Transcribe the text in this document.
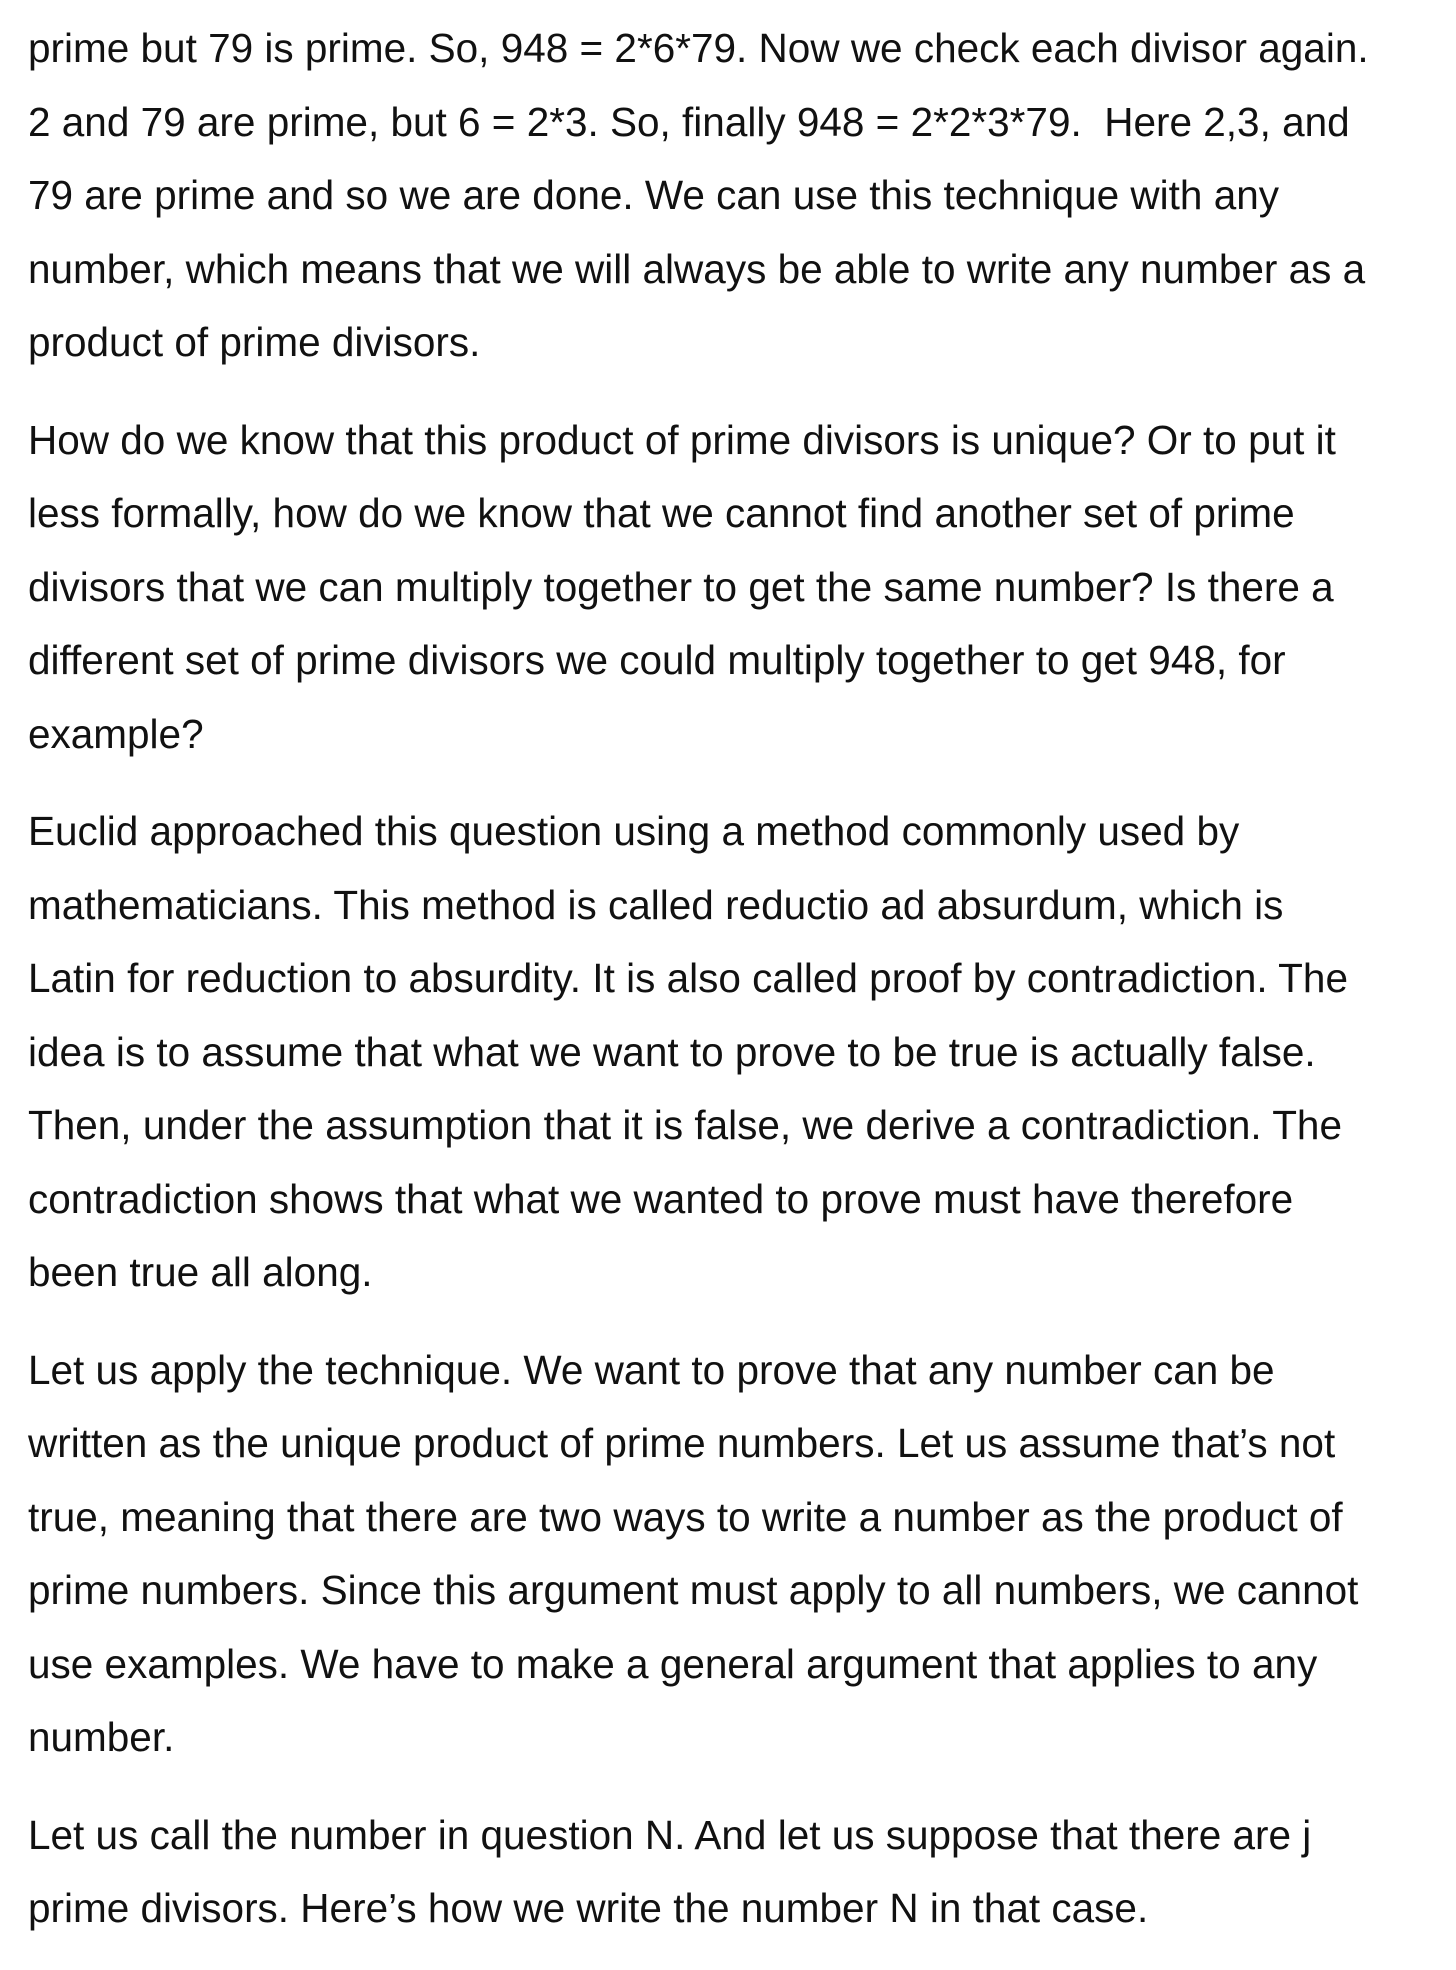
prime but 79 is prime. So, 948 = 2*6*79. Now we check each divisor again.
2 and 79 are prime, but 6 = 2*3. So, finally 948 = 2*2*3*79.  Here 2,3, and
79 are prime and so we are done. We can use this technique with any
number, which means that we will always be able to write any number as a
product of prime divisors.

How do we know that this product of prime divisors is unique? Or to put it
less formally, how do we know that we cannot find another set of prime
divisors that we can multiply together to get the same number? Is there a
different set of prime divisors we could multiply together to get 948, for
example?

Euclid approached this question using a method commonly used by
mathematicians. This method is called reductio ad absurdum, which is
Latin for reduction to absurdity. It is also called proof by contradiction. The
idea is to assume that what we want to prove to be true is actually false.
Then, under the assumption that it is false, we derive a contradiction. The
contradiction shows that what we wanted to prove must have therefore
been true all along.

Let us apply the technique. We want to prove that any number can be
written as the unique product of prime numbers. Let us assume that’s not
true, meaning that there are two ways to write a number as the product of
prime numbers. Since this argument must apply to all numbers, we cannot
use examples. We have to make a general argument that applies to any
number.

Let us call the number in question N. And let us suppose that there are j
prime divisors. Here’s how we write the number N in that case.
